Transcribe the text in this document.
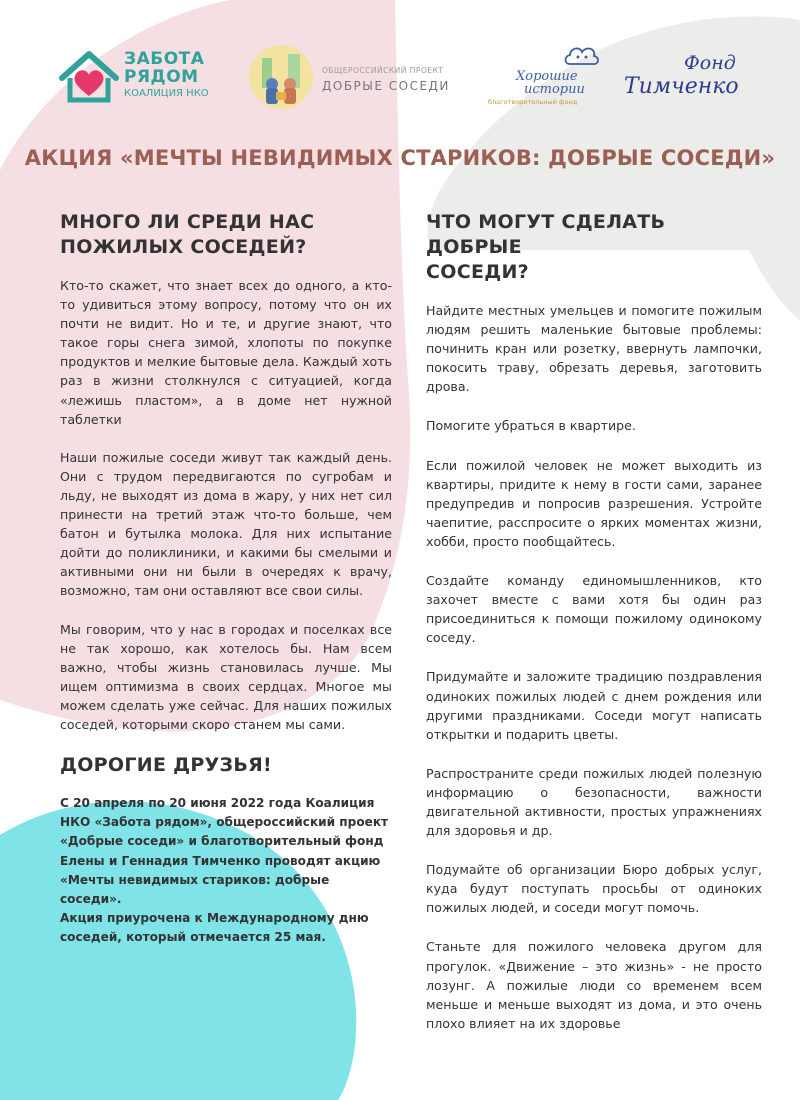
ЗАБОТА
РЯДОМ
КОАЛИЦИЯ НКО
ОБЩЕРОССИЙСКИЙ ПРОЕКТ
ДОБРЫЕ СОСЕДИ
Хорошие
истории
благотворительный фонд
Фонд
Тимченко
АКЦИЯ «МЕЧТЫ НЕВИДИМЫХ СТАРИКОВ: ДОБРЫЕ СОСЕДИ»
МНОГО ЛИ СРЕДИ НАС
ПОЖИЛЫХ СОСЕДЕЙ?

Кто-то скажет, что знает всех до одного, а кто-то удивиться этому вопросу, потому что он их почти не видит. Но и те, и другие знают, что такое горы снега зимой, хлопоты по покупке продуктов и мелкие бытовые дела. Каждый хоть раз в жизни столкнулся с ситуацией, когда «лежишь пластом», а в доме нет нужной таблетки

Наши пожилые соседи живут так каждый день. Они с трудом передвигаются по сугробам и льду, не выходят из дома в жару, у них нет сил принести на третий этаж что-то больше, чем батон и бутылка молока. Для них испытание дойти до поликлиники, и какими бы смелыми и активными они ни были в очередях к врачу, возможно, там они оставляют все свои силы.

Мы говорим, что у нас в городах и поселках все не так хорошо, как хотелось бы. Нам всем важно, чтобы жизнь становилась лучше. Мы ищем оптимизма в своих сердцах. Многое мы можем сделать уже сейчас. Для наших пожилых соседей, которыми скоро станем мы сами.

ДОРОГИЕ ДРУЗЬЯ!

С 20 апреля по 20 июня 2022 года Коалиция НКО «Забота рядом», общероссийский проект «Добрые соседи» и благотворительный фонд Елены и Геннадия Тимченко проводят акцию «Мечты невидимых стариков: добрые соседи».

Акция приурочена к Международному дню соседей, который отмечается 25 мая.

ЧТО МОГУТ СДЕЛАТЬ ДОБРЫЕ
СОСЕДИ?

Найдите местных умельцев и помогите пожилым людям решить маленькие бытовые проблемы: починить кран или розетку, ввернуть лампочки, покосить траву, обрезать деревья, заготовить дрова.

Помогите убраться в квартире.

Если пожилой человек не может выходить из квартиры, придите к нему в гости сами, заранее предупредив и попросив разрешения. Устройте чаепитие, расспросите о ярких моментах жизни, хобби, просто пообщайтесь.

Создайте команду единомышленников, кто захочет вместе с вами хотя бы один раз присоединиться к помощи пожилому одинокому соседу.

Придумайте и заложите традицию поздравления одиноких пожилых людей с днем рождения или другими праздниками. Соседи могут написать открытки и подарить цветы.

Распространите среди пожилых людей полезную информацию о безопасности, важности двигательной активности, простых упражнениях для здоровья и др.

Подумайте об организации Бюро добрых услуг, куда будут поступать просьбы от одиноких пожилых людей, и соседи могут помочь.

Станьте для пожилого человека другом для прогулок. «Движение – это жизнь» - не просто лозунг. А пожилые люди со временем всем меньше и меньше выходят из дома, и это очень плохо влияет на их здоровье
